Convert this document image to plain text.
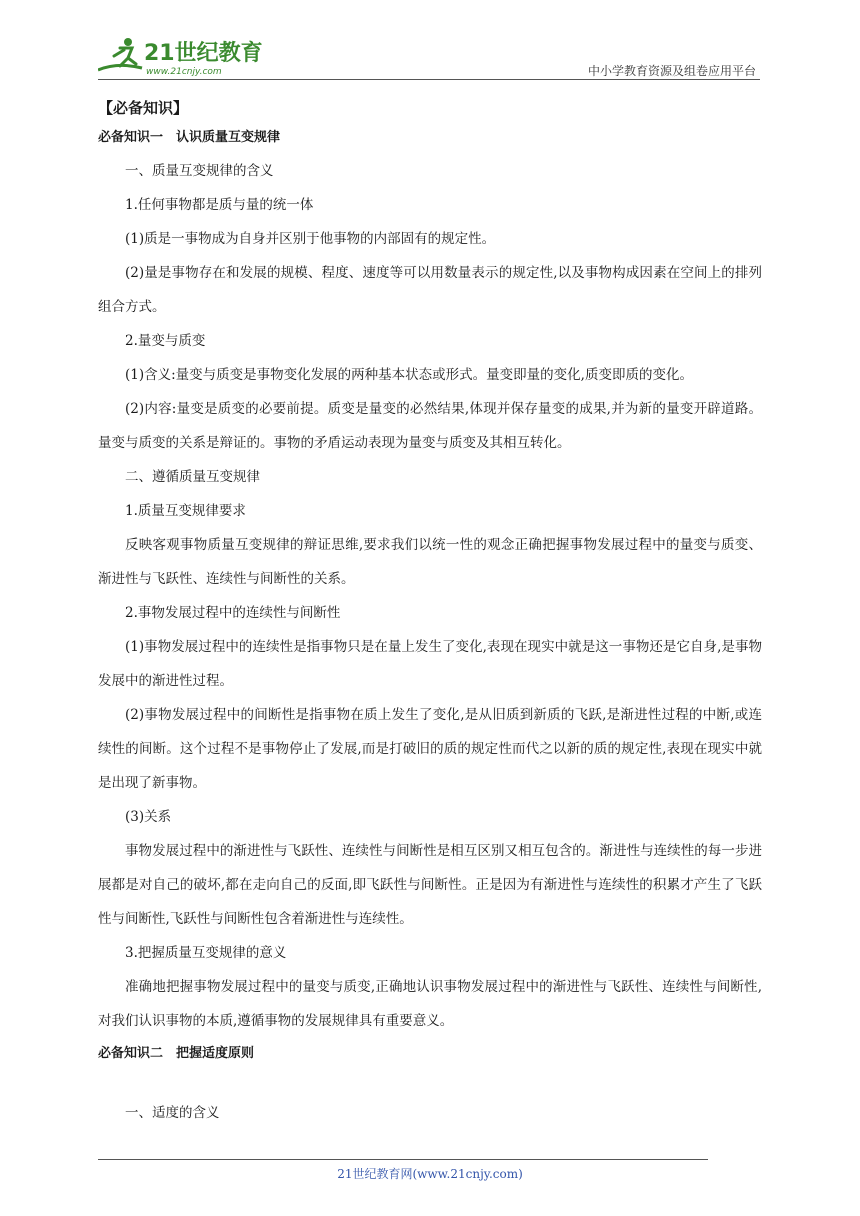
21世纪教育
www.21cnjy.com	中小学教育资源及组卷应用平台
【必备知识】
必备知识一　认识质量互变规律

一、质量互变规律的含义

1.任何事物都是质与量的统一体

(1)质是一事物成为自身并区别于他事物的内部固有的规定性。

(2)量是事物存在和发展的规模、程度、速度等可以用数量表示的规定性,以及事物构成因素在空间上的排列组合方式。

2.量变与质变

(1)含义:量变与质变是事物变化发展的两种基本状态或形式。量变即量的变化,质变即质的变化。

(2)内容:量变是质变的必要前提。质变是量变的必然结果,体现并保存量变的成果,并为新的量变开辟道路。量变与质变的关系是辩证的。事物的矛盾运动表现为量变与质变及其相互转化。

二、遵循质量互变规律

1.质量互变规律要求

反映客观事物质量互变规律的辩证思维,要求我们以统一性的观念正确把握事物发展过程中的量变与质变、渐进性与飞跃性、连续性与间断性的关系。

2.事物发展过程中的连续性与间断性

(1)事物发展过程中的连续性是指事物只是在量上发生了变化,表现在现实中就是这一事物还是它自身,是事物发展中的渐进性过程。

(2)事物发展过程中的间断性是指事物在质上发生了变化,是从旧质到新质的飞跃,是渐进性过程的中断,或连续性的间断。这个过程不是事物停止了发展,而是打破旧的质的规定性而代之以新的质的规定性,表现在现实中就是出现了新事物。

(3)关系

事物发展过程中的渐进性与飞跃性、连续性与间断性是相互区别又相互包含的。渐进性与连续性的每一步进展都是对自己的破坏,都在走向自己的反面,即飞跃性与间断性。正是因为有渐进性与连续性的积累才产生了飞跃性与间断性,飞跃性与间断性包含着渐进性与连续性。

3.把握质量互变规律的意义

准确地把握事物发展过程中的量变与质变,正确地认识事物发展过程中的渐进性与飞跃性、连续性与间断性,对我们认识事物的本质,遵循事物的发展规律具有重要意义。

必备知识二　把握适度原则

一、适度的含义

21世纪教育网(www.21cnjy.com)
